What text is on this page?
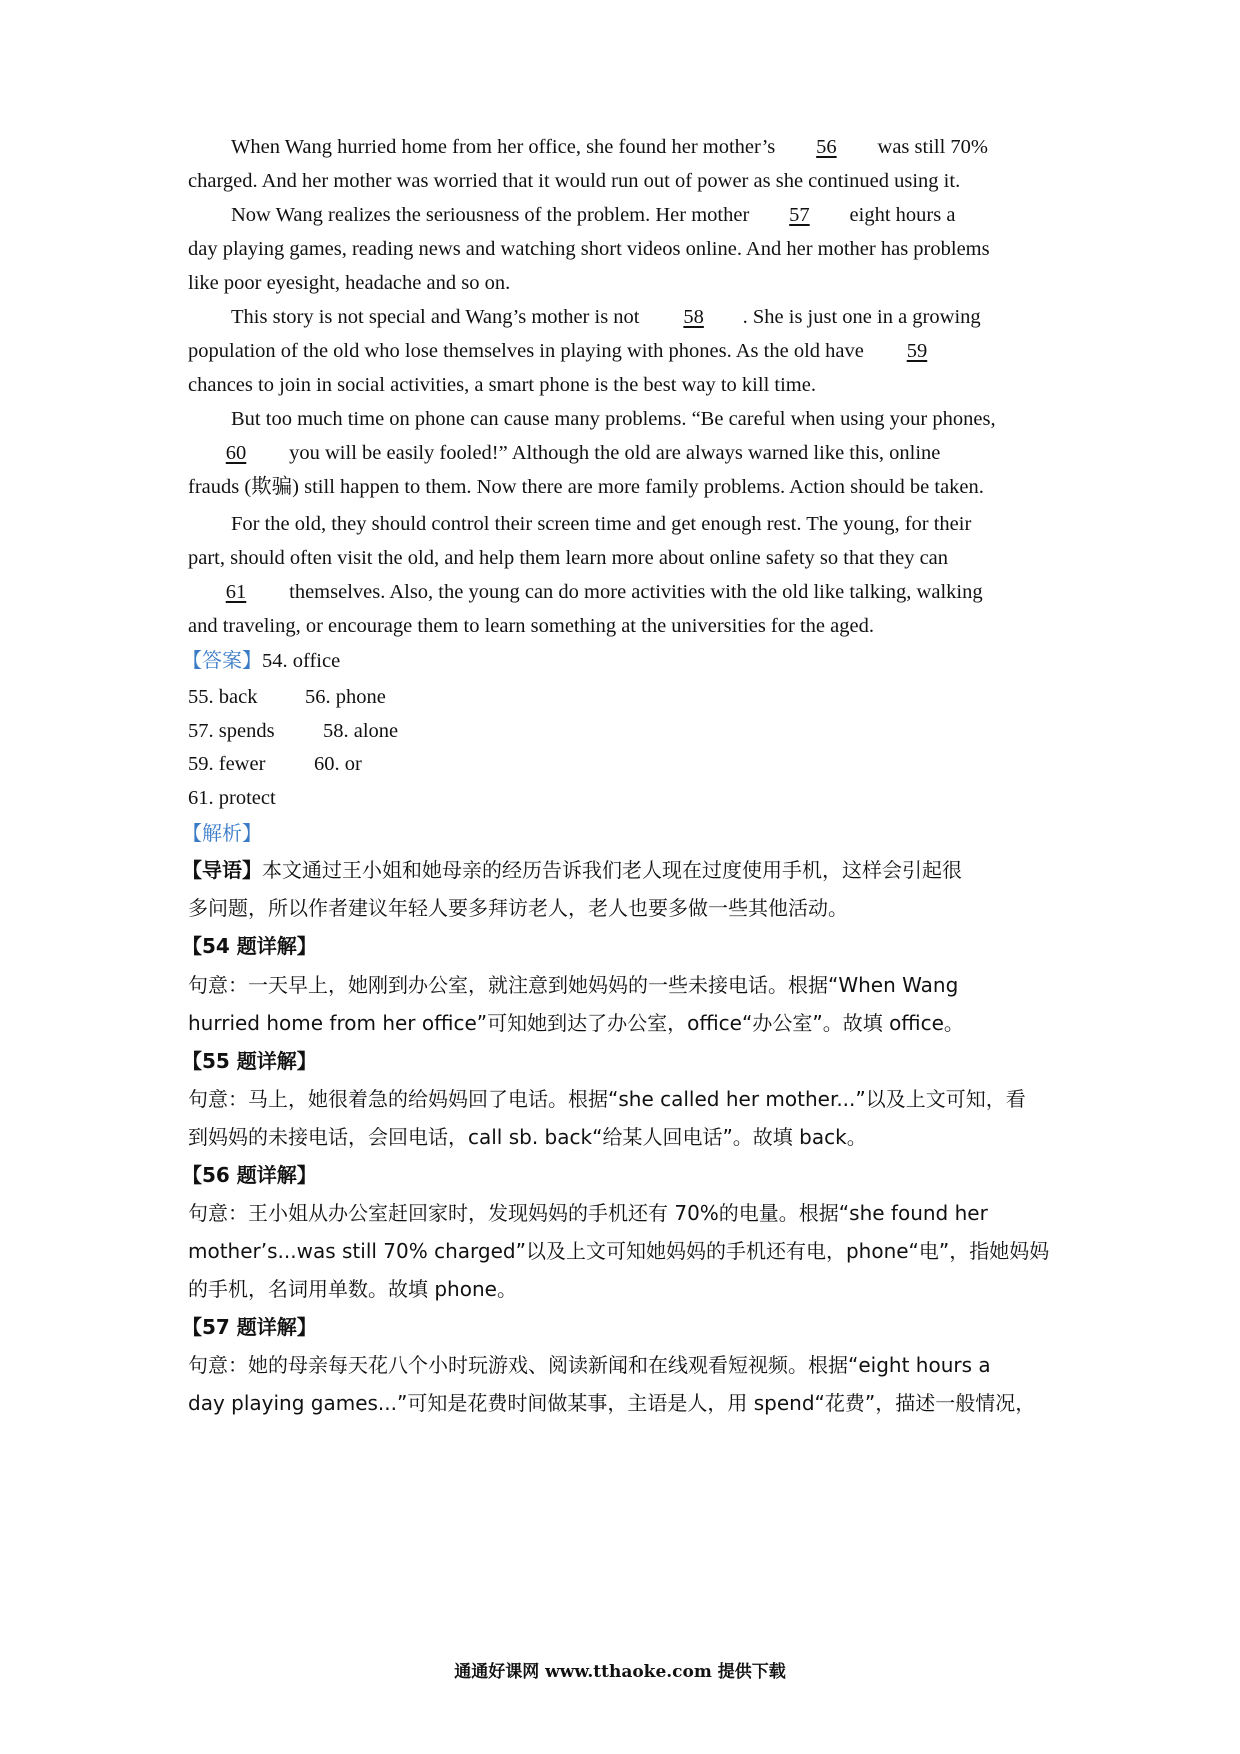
When Wang hurried home from her office, she found her mother’s 56 was still 70%
charged. And her mother was worried that it would run out of power as she continued using it.
Now Wang realizes the seriousness of the problem. Her mother 57 eight hours a
day playing games, reading news and watching short videos online. And her mother has problems
like poor eyesight, headache and so on.
This story is not special and Wang’s mother is not 58 . She is just one in a growing
population of the old who lose themselves in playing with phones. As the old have 59
chances to join in social activities, a smart phone is the best way to kill time.
But too much time on phone can cause many problems. “Be careful when using your phones,
60 you will be easily fooled!” Although the old are always warned like this, online
frauds (欺骗) still happen to them. Now there are more family problems. Action should be taken.
For the old, they should control their screen time and get enough rest. The young, for their
part, should often visit the old, and help them learn more about online safety so that they can
61 themselves. Also, the young can do more activities with the old like talking, walking
and traveling, or encourage them to learn something at the universities for the aged.
【答案】54. office
55. back 56. phone
57. spends 58. alone
59. fewer 60. or
61. protect
【解析】
【导语】本文通过王小姐和她母亲的经历告诉我们老人现在过度使用手机，这样会引起很
多问题，所以作者建议年轻人要多拜访老人，老人也要多做一些其他活动。
【54 题详解】
句意：一天早上，她刚到办公室，就注意到她妈妈的一些未接电话。根据“When Wang
hurried home from her office”可知她到达了办公室，office“办公室”。故填 office。
【55 题详解】
句意：马上，她很着急的给妈妈回了电话。根据“she called her mother...”以及上文可知，看
到妈妈的未接电话，会回电话，call sb. back“给某人回电话”。故填 back。
【56 题详解】
句意：王小姐从办公室赶回家时，发现妈妈的手机还有 70%的电量。根据“she found her
mother’s...was still 70% charged”以及上文可知她妈妈的手机还有电，phone“电”，指她妈妈
的手机，名词用单数。故填 phone。
【57 题详解】
句意：她的母亲每天花八个小时玩游戏、阅读新闻和在线观看短视频。根据“eight hours a
day playing games...”可知是花费时间做某事，主语是人，用 spend“花费”，描述一般情况，
通通好课网 www.tthaoke.com 提供下载
